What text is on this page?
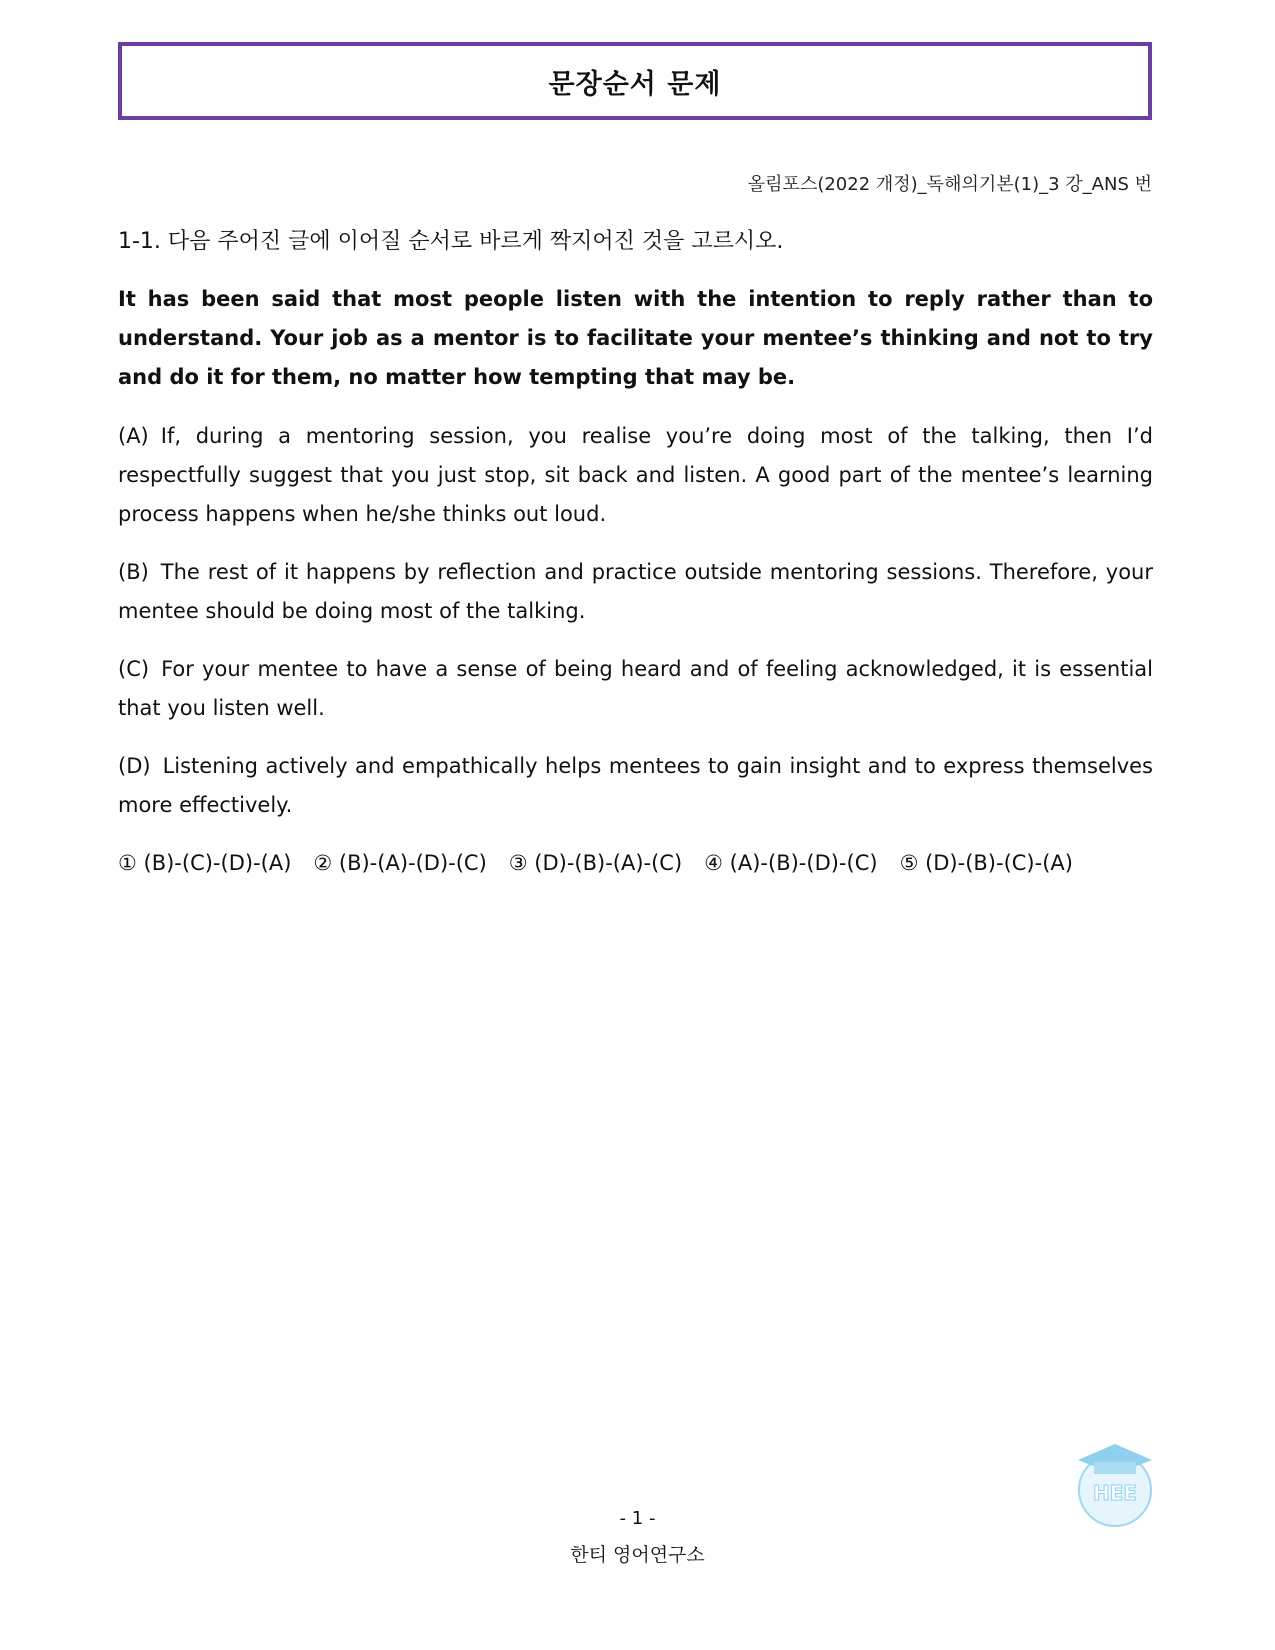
문장순서 문제
올림포스(2022 개정)_독해의기본(1)_3 강_ANS 번
1-1. 다음 주어진 글에 이어질 순서로 바르게 짝지어진 것을 고르시오.

It has been said that most people listen with the intention to reply rather than to understand. Your job as a mentor is to facilitate your mentee’s thinking and not to try and do it for them, no matter how tempting that may be.

(A) If, during a mentoring session, you realise you’re doing most of the talking, then I’d respectfully suggest that you just stop, sit back and listen. A good part of the mentee’s learning process happens when he/she thinks out loud.

(B) The rest of it happens by reflection and practice outside mentoring sessions. Therefore, your mentee should be doing most of the talking.

(C) For your mentee to have a sense of being heard and of feeling acknowledged, it is essential that you listen well.

(D) Listening actively and empathically helps mentees to gain insight and to express themselves more effectively.

① (B)-(C)-(D)-(A) ② (B)-(A)-(D)-(C) ③ (D)-(B)-(A)-(C) ④ (A)-(B)-(D)-(C) ⑤ (D)-(B)-(C)-(A)
- 1 -
한티 영어연구소
HEE
